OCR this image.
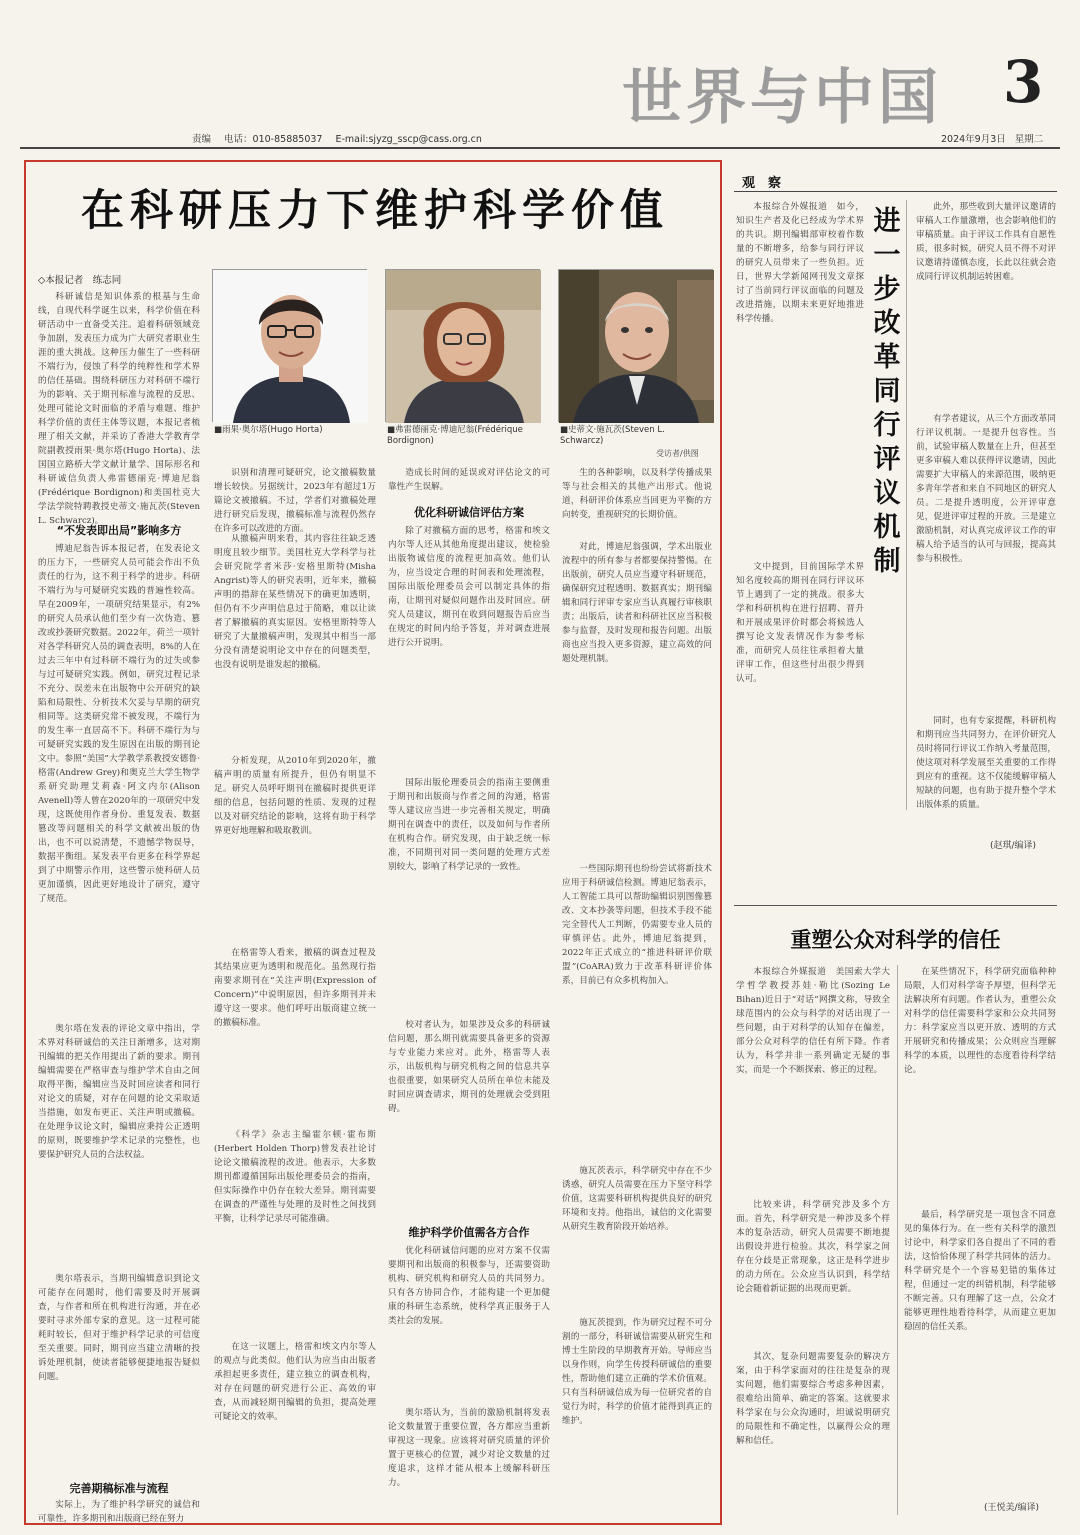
世界与中国 3
责编 电话：010-85885037 E-mail:sjyzg_sscp@cass.org.cn	2024年9月3日 星期二
在科研压力下维护科学价值
◇本报记者　练志同
■雨果·奥尔塔(Hugo Horta)	■弗雷德丽克·博迪尼翁(Frédérique Bordignon)
■史蒂文·施瓦茨(Steven L. Schwarcz)
受访者/供图

科研诚信是知识体系的根基与生命线，自现代科学诞生以来，科学价值在科研活动中一直备受关注。追着科研领域竞争加剧，发表压力成为广大研究者职业生涯的重大挑战。这种压力催生了一些科研不端行为，侵蚀了科学的纯粹性和学术界的信任基础。围绕科研压力对科研不端行为的影响、关于期刊标准与流程的反思、处理可能论文时面临的矛盾与难题、维护科学价值的责任主体等议题，本报记者梳理了相关文献，并采访了香港大学教育学院副教授雨果·奥尔塔(Hugo Horta)、法国国立路桥大学文献计量学、国际形名和科研诚信负责人弗雷德丽克·博迪尼翁(Frédérique Bordignon)和美国杜克大学法学院特聘教授史蒂文·施瓦茨(Steven L. Schwarcz)。

“不发表即出局”影响多方

博迪尼翁告诉本报记者，在发表论文的压力下，一些研究人员可能会作出不负责任的行为，这不利于科学的进步。科研不端行为与可疑研究实践的普遍性较高。早在2009年，一项研究结果显示，有2%的研究人员承认他们至少有一次伪造、篡改或抄袭研究数据。2022年，荷兰一项针对各学科研究人员的调查表明，8%的人在过去三年中有过科研不端行为的过失或参与过可疑研究实践。例如，研究过程记录不充分、误差未在出版物中公开研究的缺陷和局限性、分析技术欠妥与早期的研究相同等。这类研究常不被发现，不端行为的发生率一直居高不下。科研不端行为与可疑研究实践的发生原因在出版的期刊论文中。参照“美国”大学教学系教授安德鲁·格雷(Andrew Grey)和奥克兰大学生物学系研究助理艾莉森·阿文内尔(Alison Avenell)等人曾在2020年的一项研究中发现，这既使用作者身份、重复发表、数据篡改等问题相关的科学文献被出版的伪出，也不可以说清楚，不遗憾学物误导，数据平衡组。某发表平台更多在科学界起到了中期警示作用，这些警示使科研人员更加谨慎，因此更好地设计了研究，遵守了规范。

奥尔塔在发表的评论文章中指出，学术界对科研诚信的关注日渐增多，这对期刊编辑的把关作用提出了新的要求。期刊编辑需要在严格审查与维护学术自由之间取得平衡，编辑应当及时回应读者和同行对论文的质疑，对存在问题的论文采取适当措施，如发布更正、关注声明或撤稿。在处理争议论文时，编辑应秉持公正透明的原则，既要维护学术记录的完整性，也要保护研究人员的合法权益。

奥尔塔表示，当期刊编辑意识到论文可能存在问题时，他们需要及时开展调查，与作者和所在机构进行沟通，并在必要时寻求外部专家的意见。这一过程可能耗时较长，但对于维护科学记录的可信度至关重要。同时，期刊应当建立清晰的投诉处理机制，使读者能够便捷地报告疑似问题。

完善期稿标准与流程

实际上，为了维护科学研究的诚信和可靠性，许多期刊和出版商已经在努力

识别和清理可疑研究，论文撤稿数量增长较快。另据统计，2023年有超过1万篇论文被撤稿。不过，学者们对撤稿处理进行研究后发现，撤稿标准与流程仍然存在许多可以改进的方面。

从撤稿声明来看，其内容往往缺乏透明度且较少细节。美国杜克大学科学与社会研究院学者米莎·安格里斯特(Misha Angrist)等人的研究表明，近年来，撤稿声明的措辞在某些情况下的确更加透明，但仍有不少声明信息过于简略，难以让读者了解撤稿的真实原因。安格里斯特等人研究了大量撤稿声明，发现其中相当一部分没有清楚说明论文中存在的问题类型，也没有说明是谁发起的撤稿。

分析发现，从2010年到2020年，撤稿声明的质量有所提升，但仍有明显不足。研究人员呼吁期刊在撤稿时提供更详细的信息，包括问题的性质、发现的过程以及对研究结论的影响，这将有助于科学界更好地理解和吸取教训。

在格雷等人看来，撤稿的调查过程及其结果应更为透明和规范化。虽然现行指南要求期刊在“关注声明(Expression of Concern)”中说明原因，但许多期刊并未遵守这一要求。他们呼吁出版商建立统一的撤稿标准。

《科学》杂志主编霍尔顿·霍布斯(Herbert Holden Thorp)曾发表社论讨论论文撤稿流程的改进。他表示，大多数期刊都遵循国际出版伦理委员会的指南，但实际操作中仍存在较大差异。期刊需要在调查的严谨性与处理的及时性之间找到平衡，让科学记录尽可能准确。

在这一议题上，格雷和埃文内尔等人的观点与此类似。他们认为应当由出版者承担起更多责任，建立独立的调查机构，对存在问题的研究进行公正、高效的审查，从而减轻期刊编辑的负担，提高处理可疑论文的效率。

造成长时间的延误或对评估论文的可靠性产生误解。

优化科研诚信评估方案

除了对撤稿方面的思考，格雷和埃文内尔等人还从其他角度提出建议，使检验出版物诚信度的流程更加高效。他们认为，应当设定合理的时间表和处理流程，国际出版伦理委员会可以制定具体的指南，让期刊对疑似问题作出及时回应。研究人员建议，期刊在收到问题报告后应当在规定的时间内给予答复，并对调查进展进行公开说明。

国际出版伦理委员会的指南主要侧重于期刊和出版商与作者之间的沟通，格雷等人建议应当进一步完善相关规定，明确期刊在调查中的责任，以及如何与作者所在机构合作。研究发现，由于缺乏统一标准，不同期刊对同一类问题的处理方式差别较大，影响了科学记录的一致性。

校对者认为，如果涉及众多的科研诚信问题，那么期刊就需要具备更多的资源与专业能力来应对。此外，格雷等人表示，出版机构与研究机构之间的信息共享也很重要，如果研究人员所在单位未能及时回应调查请求，期刊的处理就会受到阻碍。

维护科学价值需各方合作

优化科研诚信问题的应对方案不仅需要期刊和出版商的积极参与，还需要资助机构、研究机构和研究人员的共同努力。只有各方协同合作，才能构建一个更加健康的科研生态系统，使科学真正服务于人类社会的发展。

奥尔塔认为，当前的激励机制将发表论文数量置于重要位置，各方都应当重新审视这一现象。应该将对研究质量的评价置于更核心的位置，减少对论文数量的过度追求，这样才能从根本上缓解科研压力。

生的各种影响，以及科学传播成果等与社会相关的其他产出形式。他说道，科研评价体系应当回更为平衡的方向转变，重视研究的长期价值。

对此，博迪尼翁强调，学术出版业流程中的所有参与者都要保持警惕。在出版前，研究人员应当遵守科研规范，确保研究过程透明、数据真实；期刊编辑和同行评审专家应当认真履行审核职责；出版后，读者和科研社区应当积极参与监督，及时发现和报告问题。出版商也应当投入更多资源，建立高效的问题处理机制。

一些国际期刊也纷纷尝试将新技术应用于科研诚信检测。博迪尼翁表示，人工智能工具可以帮助编辑识别图像篡改、文本抄袭等问题，但技术手段不能完全替代人工判断，仍需要专业人员的审慎评估。此外，博迪尼翁提到，2022年正式成立的“推进科研评价联盟”(CoARA)致力于改革科研评价体系，目前已有众多机构加入。

施瓦茨表示，科学研究中存在不少诱惑，研究人员需要在压力下坚守科学价值，这需要科研机构提供良好的研究环境和支持。他指出，诚信的文化需要从研究生教育阶段开始培养。

施瓦茨提到，作为研究过程不可分割的一部分，科研诚信需要从研究生和博士生阶段的早期教育开始。导师应当以身作则，向学生传授科研诚信的重要性，帮助他们建立正确的学术价值观。只有当科研诚信成为每一位研究者的自觉行为时，科学的价值才能得到真正的维护。

观　察

本报综合外媒报道　如今，知识生产者及化已经成为学术界的共识。期刊编辑部审校着作数量的不断增多，给参与同行评议的研究人员带来了一些负担。近日，世界大学新闻网刊发文章探讨了当前同行评议面临的问题及改进措施，以期未来更好地推进科学传播。

进一步改革同行评议机制

文中提到，目前国际学术界知名度较高的期刊在同行评议环节上遇到了一定的挑战。很多大学和科研机构在进行招聘、晋升和开展成果评价时都会将候选人撰写论文发表情况作为参考标准，而研究人员往往承担着大量评审工作，但这些付出很少得到认可。

此外，那些收到大量评议邀请的审稿人工作量激增，也会影响他们的审稿质量。由于评议工作具有自愿性质，很多时候，研究人员不得不对评议邀请持谨慎态度，长此以往就会造成同行评议机制运转困难。

有学者建议，从三个方面改革同行评议机制。一是提升包容性。当前，试验审稿人数量在上升，但甚至更多审稿人难以获得评议邀请，因此需要扩大审稿人的来源范围，吸纳更多青年学者和来自不同地区的研究人员。二是提升透明度，公开评审意见，促进评审过程的开放。三是建立激励机制，对认真完成评议工作的审稿人给予适当的认可与回报，提高其参与积极性。

同时，也有专家提醒，科研机构和期刊应当共同努力，在评价研究人员时将同行评议工作纳入考量范围，使这项对科学发展至关重要的工作得到应有的重视。这不仅能缓解审稿人短缺的问题，也有助于提升整个学术出版体系的质量。

(赵琪/编译)
重塑公众对科学的信任

本报综合外媒报道　美国索大学大学哲学教授苏娃·勒比(Sozing Le Bihan)近日于“对话”网撰文称，导致全球范围内的公众与科学的对话出现了一些问题，由于对科学的认知存在偏差，部分公众对科学的信任有所下降。作者认为，科学并非一系列确定无疑的事实，而是一个不断探索、修正的过程。

比较来讲，科学研究涉及多个方面。首先，科学研究是一种涉及多个样本的复杂活动，研究人员需要不断地提出假设并进行检验。其次，科学家之间存在分歧是正常现象，这正是科学进步的动力所在。公众应当认识到，科学结论会随着新证据的出现而更新。

其次，复杂问题需要复杂的解决方案，由于科学家面对的往往是复杂的现实问题，他们需要综合考虑多种因素，很难给出简单、确定的答案。这就要求科学家在与公众沟通时，坦诚说明研究的局限性和不确定性，以赢得公众的理解和信任。

在某些情况下，科学研究面临种种局限，人们对科学寄予厚望，但科学无法解决所有问题。作者认为，重塑公众对科学的信任需要科学家和公众共同努力：科学家应当以更开放、透明的方式开展研究和传播成果；公众则应当理解科学的本质，以理性的态度看待科学结论。

最后，科学研究是一项包含不同意见的集体行为。在一些有关科学的激烈讨论中，科学家们各自提出了不同的看法，这恰恰体现了科学共同体的活力。科学研究是个一个容易犯错的集体过程，但通过一定的纠错机制，科学能够不断完善。只有理解了这一点，公众才能够更理性地看待科学，从而建立更加稳固的信任关系。

(王悦美/编译)
